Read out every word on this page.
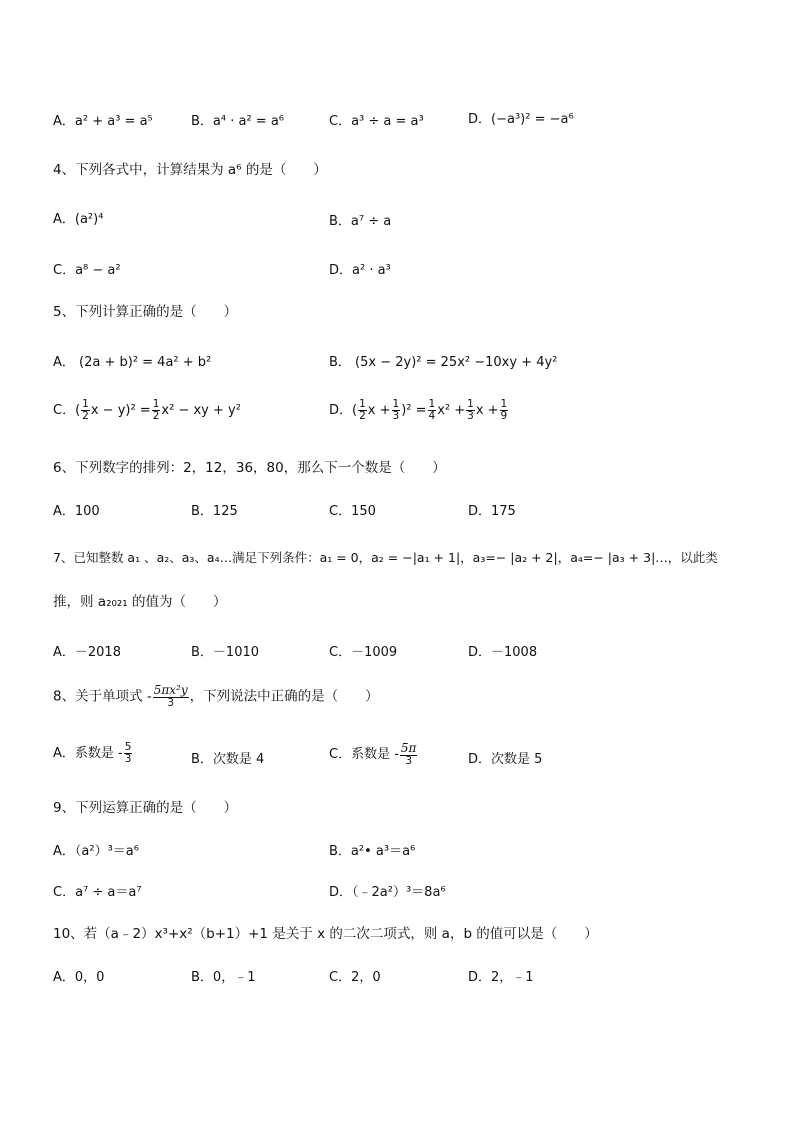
A．a² + a³ = a⁵	B．a⁴ · a² = a⁶	C．a³ ÷ a = a³	D．(−a³)² = −a⁶
4、下列各式中，计算结果为 a⁶ 的是（　　）
A．(a²)⁴	B．a⁷ ÷ a
C．a⁸ − a²	D．a² · a³
5、下列计算正确的是（　　）
A． (2a + b)² = 4a² + b²	B． (5x − 2y)² = 25x² −10xy + 4y²
C．( $\frac{1}{2}$ $x - y)^2 = \frac{1}{2} x^2$ − xy + y²	D．( $\frac{1}{2}$ $x + \frac{1}{3} )^2 = \frac{1}{4} x^2 + \frac{1}{3}$ $x + \frac{1}{9}$
6、下列数字的排列：2，12，36，80，那么下一个数是（　　）
A．100	B．125	C．150	D．175
7、已知整数 a₁ 、a₂、a₃、a₄…满足下列条件：a₁ = 0，a₂ = −|a₁ + 1|，a₃=− |a₂ + 2|，a₄=− |a₃ + 3|…，以此类
推，则 a₂₀₂₁ 的值为（　　）
A．－2018	B．－1010	C．－1009	D．－1008
8、关于单项式 - $\frac{\text{5πx²y}}{3}$ ，下列说法中正确的是（　　）
A．系数是 - $\frac{5}{3}$	B．次数是 4	C．系数是 - $\frac{5\pi}{3}$	D．次数是 5
9、下列运算正确的是（　　）
A．（a²）³＝a⁶	B．a²• a³＝a⁶
C．a⁷ ÷ a＝a⁷	D．（﹣2a²）³＝8a⁶
10、若（a﹣2）x³+x²（b+1）+1 是关于 x 的二次二项式，则 a，b 的值可以是（　　）
A．0，0	B．0，﹣1	C．2，0	D．2，﹣1
